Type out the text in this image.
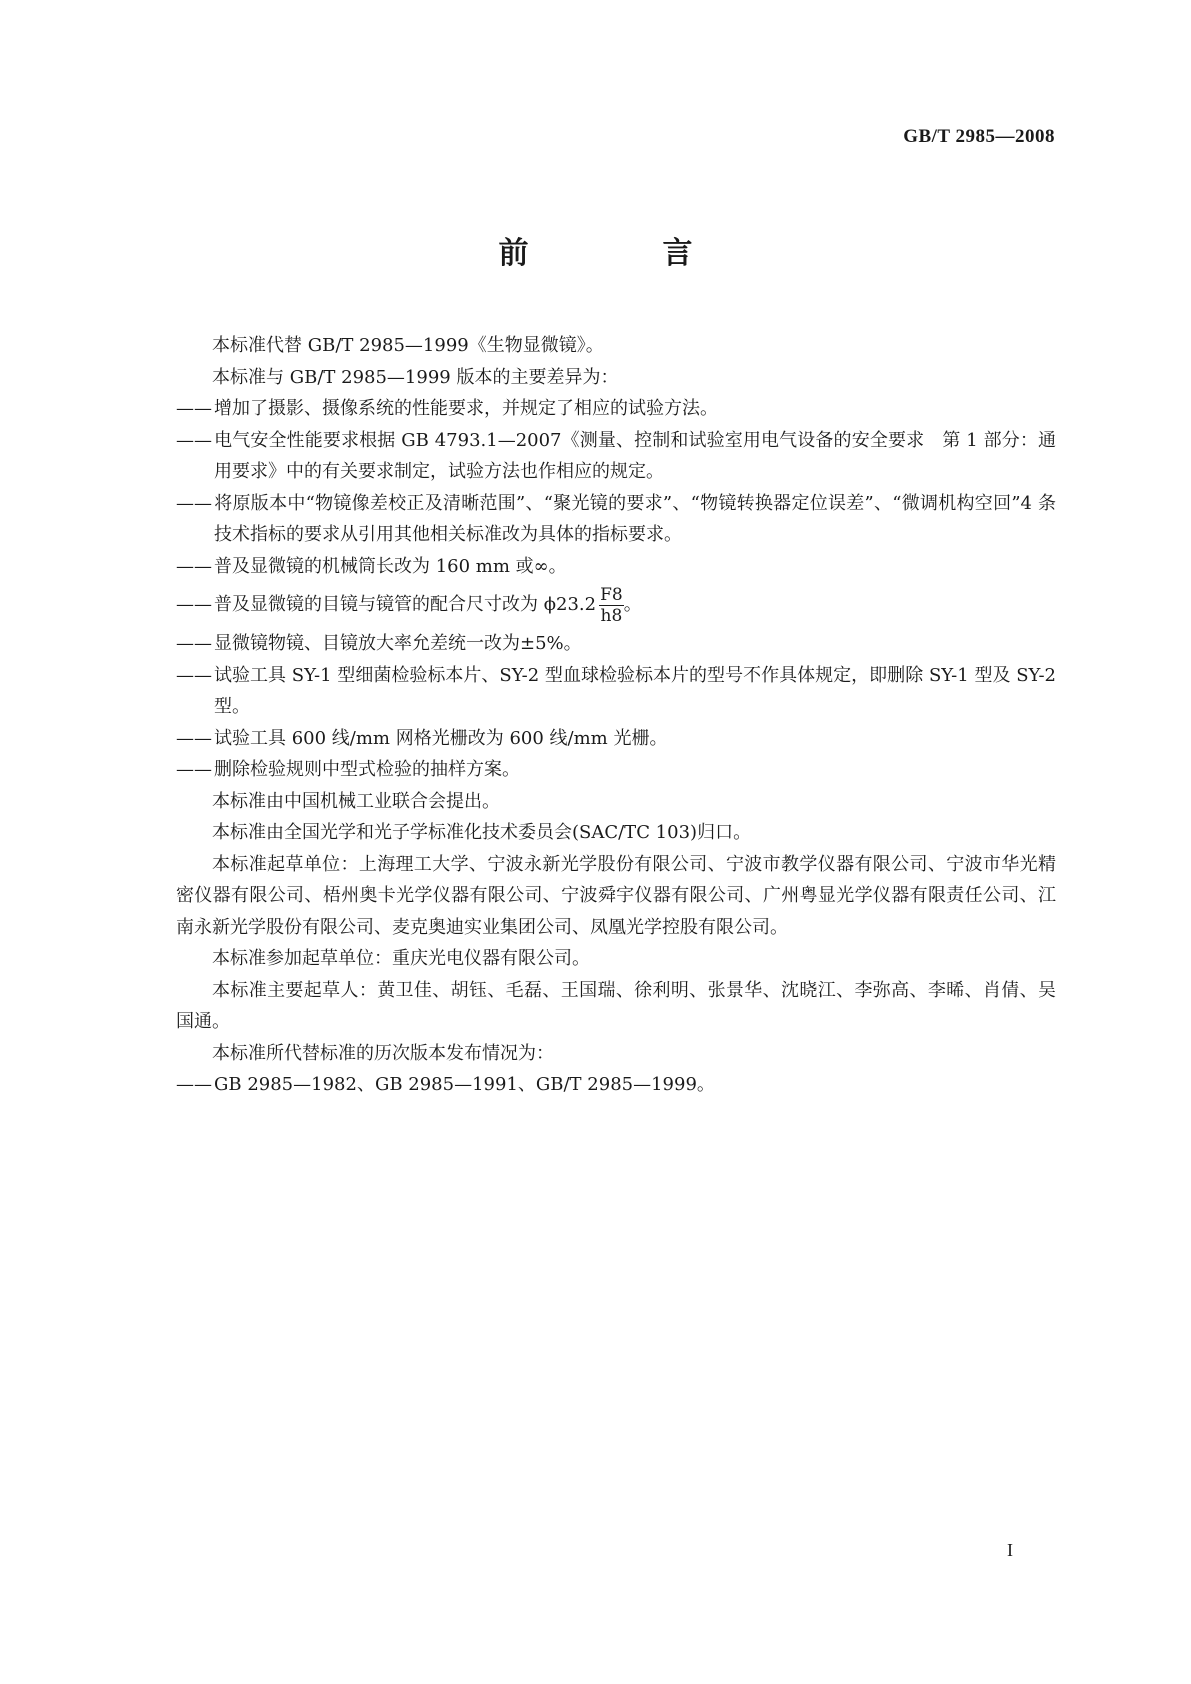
GB/T 2985—2008
前　言

本标准代替 GB/T 2985—1999《生物显微镜》。

本标准与 GB/T 2985—1999 版本的主要差异为：

—— 增加了摄影、摄像系统的性能要求，并规定了相应的试验方法。

—— 电气安全性能要求根据 GB 4793.1—2007《测量、控制和试验室用电气设备的安全要求　第 1 部分：通用要求》中的有关要求制定，试验方法也作相应的规定。

—— 将原版本中“物镜像差校正及清晰范围”、“聚光镜的要求”、“物镜转换器定位误差”、“微调机构空回”4 条技术指标的要求从引用其他相关标准改为具体的指标要求。

—— 普及显微镜的机械筒长改为 160 mm 或∞。

—— 普及显微镜的目镜与镜管的配合尺寸改为 $\phi 23.2 \frac{F8}{h8}$ 。

—— 显微镜物镜、目镜放大率允差统一改为±5%。

—— 试验工具 SY-1 型细菌检验标本片、SY-2 型血球检验标本片的型号不作具体规定，即删除 SY-1 型及 SY-2 型。

—— 试验工具 600 线/mm 网格光栅改为 600 线/mm 光栅。

—— 删除检验规则中型式检验的抽样方案。

本标准由中国机械工业联合会提出。

本标准由全国光学和光子学标准化技术委员会(SAC/TC 103)归口。

本标准起草单位：上海理工大学、宁波永新光学股份有限公司、宁波市教学仪器有限公司、宁波市华光精密仪器有限公司、梧州奥卡光学仪器有限公司、宁波舜宇仪器有限公司、广州粤显光学仪器有限责任公司、江南永新光学股份有限公司、麦克奥迪实业集团公司、凤凰光学控股有限公司。

本标准参加起草单位：重庆光电仪器有限公司。

本标准主要起草人：黄卫佳、胡钰、毛磊、王国瑞、徐利明、张景华、沈晓江、李弥高、李晞、肖倩、吴国通。

本标准所代替标准的历次版本发布情况为：

—— GB 2985—1982、GB 2985—1991、GB/T 2985—1999。

I
